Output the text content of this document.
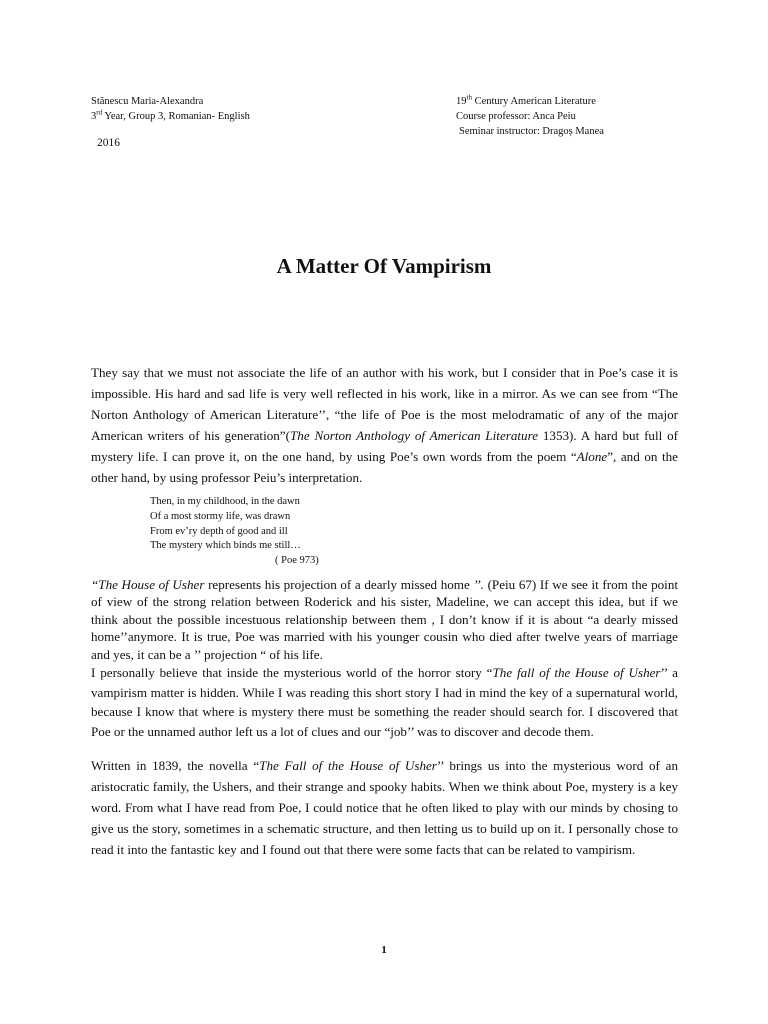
Stănescu Maria-Alexandra
3rd Year, Group 3, Romanian- English
2016
19th Century American Literature
Course professor: Anca Peiu
Seminar instructor: Dragoș Manea
A Matter Of Vampirism

They say that we must not associate the life of an author with his work, but I consider that in Poe’s case it is impossible. His hard and sad life is very well reflected in his work, like in a mirror. As we can see from “The Norton Anthology of American Literature’’, “the life of Poe is the most melodramatic of any of the major American writers of his generation”(The Norton Anthology of American Literature 1353). A hard but full of mystery life. I can prove it, on the one hand, by using Poe’s own words from the poem “Alone”, and on the other hand, by using professor Peiu’s interpretation.

Then, in my childhood, in the dawn
Of a most stormy life, was drawn
From ev’ry depth of good and ill
The mystery which binds me still…
( Poe 973)

“The House of Usher represents his projection of a dearly missed home ’’. (Peiu 67) If we see it from the point of view of the strong relation between Roderick and his sister, Madeline, we can accept this idea, but if we think about the possible incestuous relationship between them , I don’t know if it is about “a dearly missed home’’anymore. It is true, Poe was married with his younger cousin who died after twelve years of marriage and yes, it can be a ’’ projection “ of his life.

I personally believe that inside the mysterious world of the horror story “The fall of the House of Usher’’ a vampirism matter is hidden. While I was reading this short story I had in mind the key of a supernatural world, because I know that where is mystery there must be something the reader should search for. I discovered that Poe or the unnamed author left us a lot of clues and our “job’’ was to discover and decode them.

Written in 1839, the novella “The Fall of the House of Usher’’ brings us into the mysterious word of an aristocratic family, the Ushers, and their strange and spooky habits. When we think about Poe, mystery is a key word. From what I have read from Poe, I could notice that he often liked to play with our minds by chosing to give us the story, sometimes in a schematic structure, and then letting us to build up on it. I personally chose to read it into the fantastic key and I found out that there were some facts that can be related to vampirism.

1
